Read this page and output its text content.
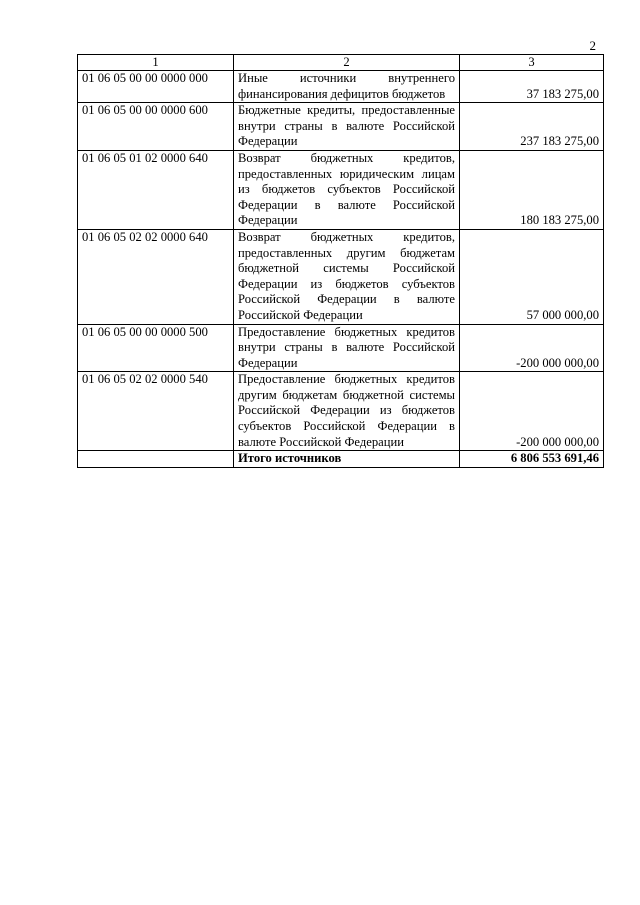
2
1	2	3
01 06 05 00 00 0000 000	Иные источники внутреннего финансирования дефицитов бюджетов	37 183 275,00
01 06 05 00 00 0000 600	Бюджетные кредиты, предоставленные внутри страны в валюте Российской Федерации	237 183 275,00
01 06 05 01 02 0000 640	Возврат бюджетных кредитов, предоставленных юридическим лицам из бюджетов субъектов Российской Федерации в валюте Российской Федерации	180 183 275,00
01 06 05 02 02 0000 640	Возврат бюджетных кредитов, предоставленных другим бюджетам бюджетной системы Российской Федерации из бюджетов субъектов Российской Федерации в валюте Российской Федерации	57 000 000,00
01 06 05 00 00 0000 500	Предоставление бюджетных кредитов внутри страны в валюте Российской Федерации	-200 000 000,00
01 06 05 02 02 0000 540	Предоставление бюджетных кредитов другим бюджетам бюджетной системы Российской Федерации из бюджетов субъектов Российской Федерации в валюте Российской Федерации	-200 000 000,00
	Итого источников	6 806 553 691,46
